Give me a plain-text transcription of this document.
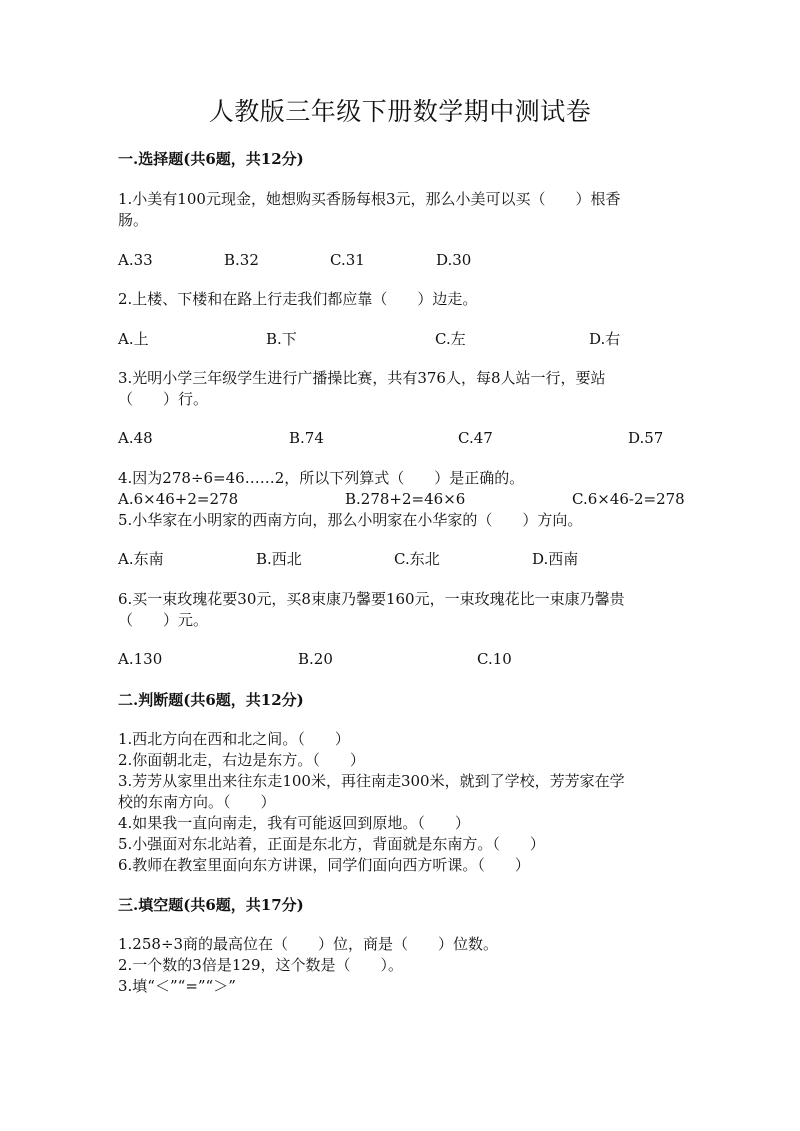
人教版三年级下册数学期中测试卷
一.选择题(共6题，共12分)
1.小美有100元现金，她想购买香肠每根3元，那么小美可以买（　　）根香
肠。
A.33	B.32	C.31	D.30
2.上楼、下楼和在路上行走我们都应靠（　　）边走。
A.上	B.下	C.左	D.右
3.光明小学三年级学生进行广播操比赛，共有376人，每8人站一行，要站
（　　）行。
A.48	B.74	C.47	D.57
4.因为278÷6=46……2，所以下列算式（　　）是正确的。
A.6×46+2=278	B.278+2=46×6	C.6×46-2=278
5.小华家在小明家的西南方向，那么小明家在小华家的（　　）方向。
A.东南	B.西北	C.东北	D.西南
6.买一束玫瑰花要30元，买8束康乃馨要160元，一束玫瑰花比一束康乃馨贵
（　　）元。
A.130	B.20	C.10
二.判断题(共6题，共12分)
1.西北方向在西和北之间。（　　）
2.你面朝北走，右边是东方。（　　）
3.芳芳从家里出来往东走100米，再往南走300米，就到了学校，芳芳家在学
校的东南方向。（　　）
4.如果我一直向南走，我有可能返回到原地。（　　）
5.小强面对东北站着，正面是东北方，背面就是东南方。（　　）
6.教师在教室里面向东方讲课，同学们面向西方听课。（　　）
三.填空题(共6题，共17分)
1.258÷3商的最高位在（　　）位，商是（　　）位数。
2.一个数的3倍是129，这个数是（　　）。
3.填“＜”“=”“＞”
